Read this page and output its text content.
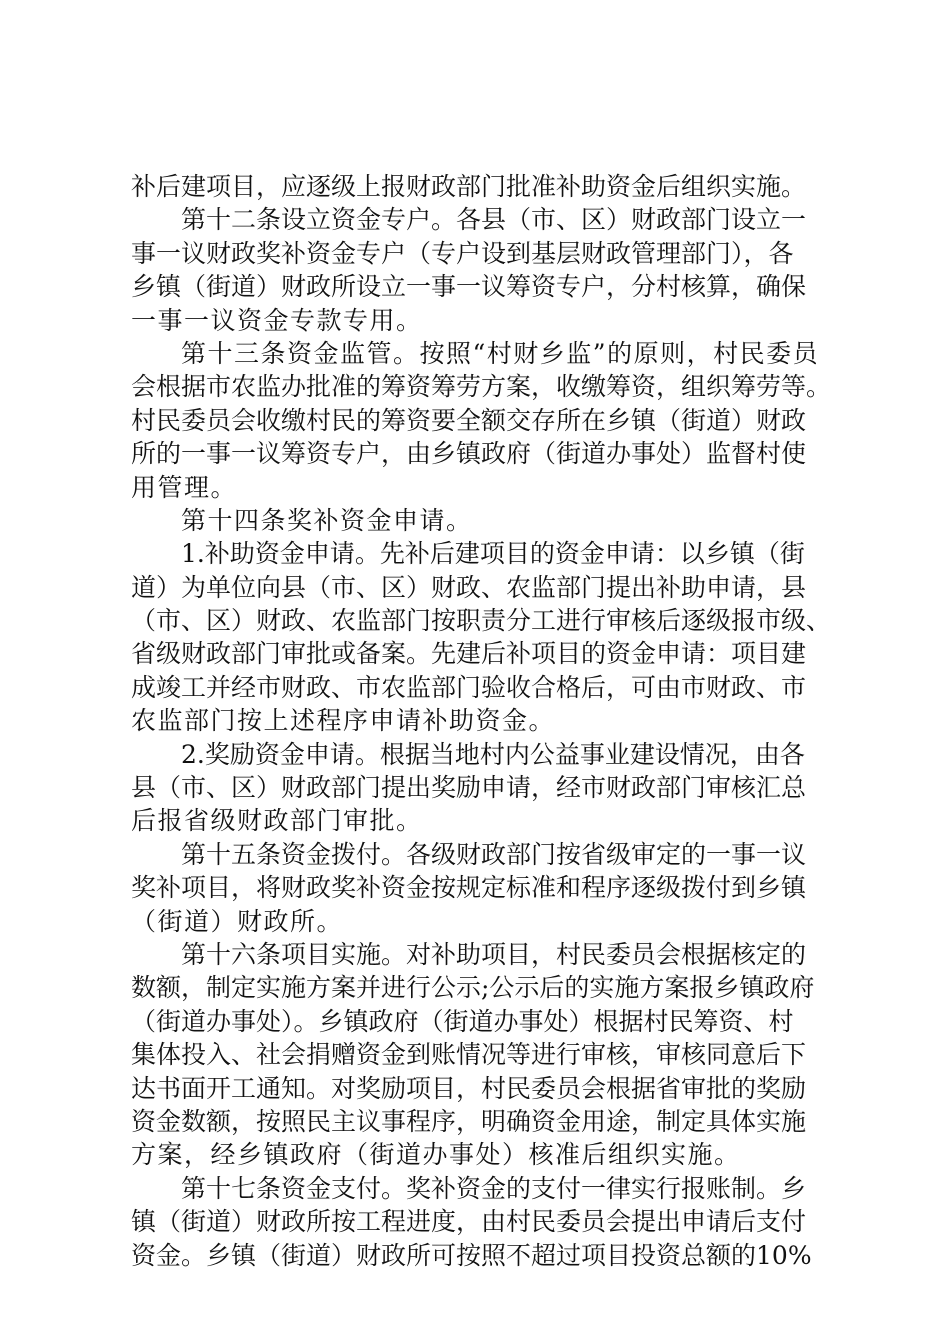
补后建项目，应逐级上报财政部门批准补助资金后组织实施。
第十二条设立资金专户。各县（市、区）财政部门设立一
事一议财政奖补资金专户（专户设到基层财政管理部门），各
乡镇（街道）财政所设立一事一议筹资专户，分村核算，确保
一事一议资金专款专用。
第十三条资金监管。按照“村财乡监”的原则，村民委员
会根据市农监办批准的筹资筹劳方案，收缴筹资，组织筹劳等。
村民委员会收缴村民的筹资要全额交存所在乡镇（街道）财政
所的一事一议筹资专户，由乡镇政府（街道办事处）监督村使
用管理。
第十四条奖补资金申请。
1.补助资金申请。先补后建项目的资金申请：以乡镇（街
道）为单位向县（市、区）财政、农监部门提出补助申请，县
（市、区）财政、农监部门按职责分工进行审核后逐级报市级、
省级财政部门审批或备案。先建后补项目的资金申请：项目建
成竣工并经市财政、市农监部门验收合格后，可由市财政、市
农监部门按上述程序申请补助资金。
2.奖励资金申请。根据当地村内公益事业建设情况，由各
县（市、区）财政部门提出奖励申请，经市财政部门审核汇总
后报省级财政部门审批。
第十五条资金拨付。各级财政部门按省级审定的一事一议
奖补项目，将财政奖补资金按规定标准和程序逐级拨付到乡镇
（街道）财政所。
第十六条项目实施。对补助项目，村民委员会根据核定的
数额，制定实施方案并进行公示;公示后的实施方案报乡镇政府
（街道办事处）。乡镇政府（街道办事处）根据村民筹资、村
集体投入、社会捐赠资金到账情况等进行审核，审核同意后下
达书面开工通知。对奖励项目，村民委员会根据省审批的奖励
资金数额，按照民主议事程序，明确资金用途，制定具体实施
方案，经乡镇政府（街道办事处）核准后组织实施。
第十七条资金支付。奖补资金的支付一律实行报账制。乡
镇（街道）财政所按工程进度，由村民委员会提出申请后支付
资金。乡镇（街道）财政所可按照不超过项目投资总额的10%
